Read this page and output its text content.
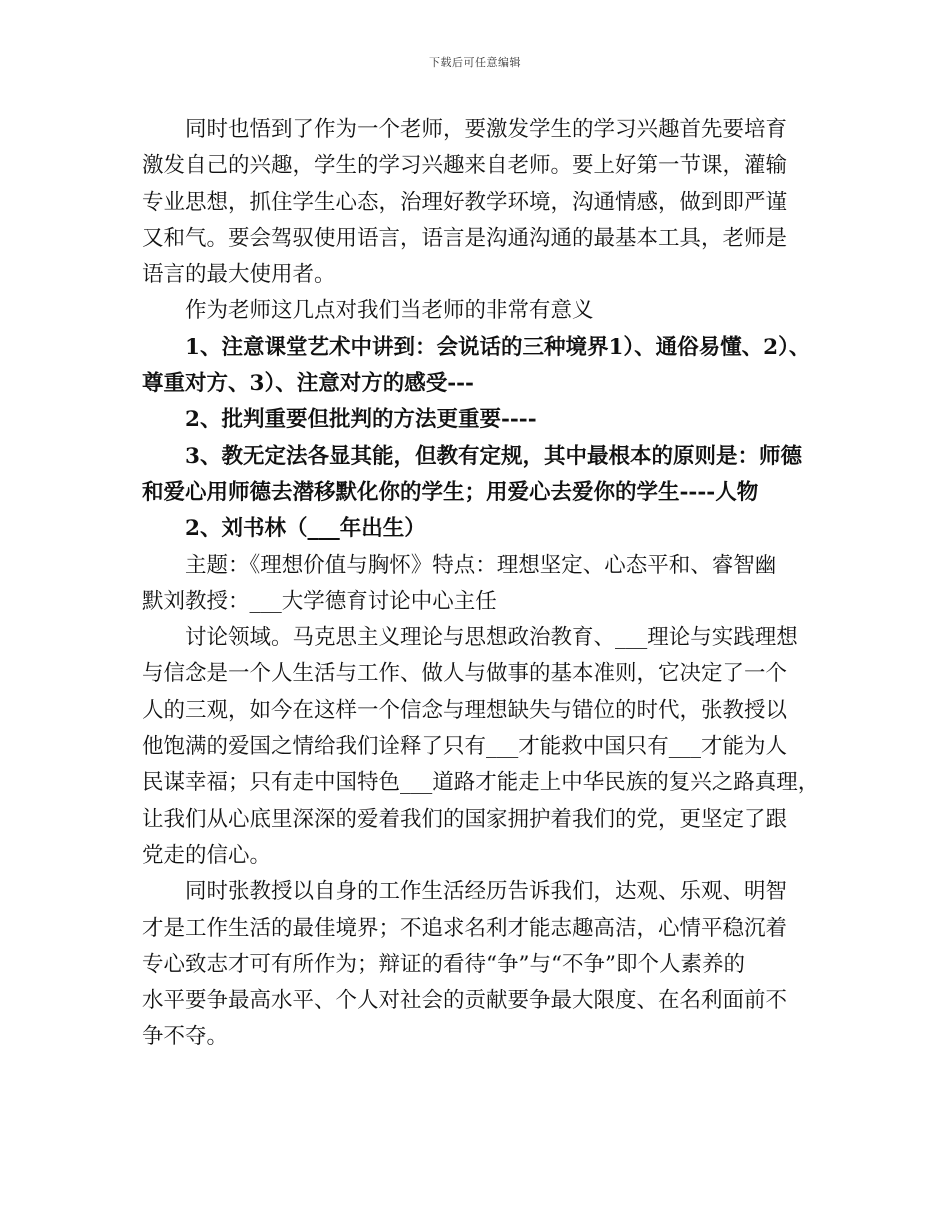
下载后可任意编辑
同时也悟到了作为一个老师，要激发学生的学习兴趣首先要培育
激发自己的兴趣，学生的学习兴趣来自老师。要上好第一节课，灌输
专业思想，抓住学生心态，治理好教学环境，沟通情感，做到即严谨
又和气。要会驾驭使用语言，语言是沟通沟通的最基本工具，老师是
语言的最大使用者。
作为老师这几点对我们当老师的非常有意义
1、注意课堂艺术中讲到：会说话的三种境界1）、通俗易懂、2）、
尊重对方、3）、注意对方的感受---
2、批判重要但批判的方法更重要----
3、教无定法各显其能，但教有定规，其中最根本的原则是：师德
和爱心用师德去潜移默化你的学生；用爱心去爱你的学生----人物
2、刘书林（___年出生）
主题：《理想价值与胸怀》特点：理想坚定、心态平和、睿智幽
默刘教授：___大学德育讨论中心主任
讨论领域。马克思主义理论与思想政治教育、___理论与实践理想
与信念是一个人生活与工作、做人与做事的基本准则，它决定了一个
人的三观，如今在这样一个信念与理想缺失与错位的时代，张教授以
他饱满的爱国之情给我们诠释了只有___才能救中国只有___才能为人
民谋幸福；只有走中国特色___道路才能走上中华民族的复兴之路真理，
让我们从心底里深深的爱着我们的国家拥护着我们的党，更坚定了跟
党走的信心。
同时张教授以自身的工作生活经历告诉我们，达观、乐观、明智
才是工作生活的最佳境界；不追求名利才能志趣高洁，心情平稳沉着
专心致志才可有所作为；辩证的看待“争”与“不争”即个人素养的
水平要争最高水平、个人对社会的贡献要争最大限度、在名利面前不
争不夺。
